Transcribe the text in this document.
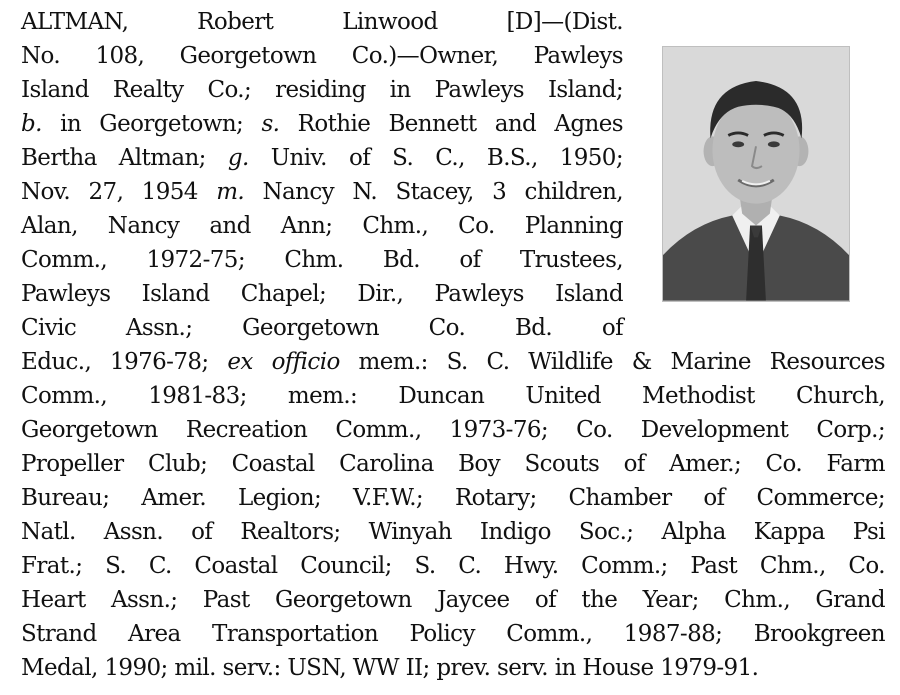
ALTMAN, Robert Linwood [D]—(Dist.
No. 108, Georgetown Co.)—Owner, Pawleys
Island Realty Co.; residing in Pawleys Island;
b. in Georgetown; s. Rothie Bennett and Agnes
Bertha Altman; g. Univ. of S. C., B.S., 1950;
Nov. 27, 1954 m. Nancy N. Stacey, 3 children,
Alan, Nancy and Ann; Chm., Co. Planning
Comm., 1972-75; Chm. Bd. of Trustees,
Pawleys Island Chapel; Dir., Pawleys Island
Civic Assn.; Georgetown Co. Bd. of
Educ., 1976-78; ex officio mem.: S. C. Wildlife & Marine Resources
Comm., 1981-83; mem.: Duncan United Methodist Church,
Georgetown Recreation Comm., 1973-76; Co. Development Corp.;
Propeller Club; Coastal Carolina Boy Scouts of Amer.; Co. Farm
Bureau; Amer. Legion; V.F.W.; Rotary; Chamber of Commerce;
Natl. Assn. of Realtors; Winyah Indigo Soc.; Alpha Kappa Psi
Frat.; S. C. Coastal Council; S. C. Hwy. Comm.; Past Chm., Co.
Heart Assn.; Past Georgetown Jaycee of the Year; Chm., Grand
Strand Area Transportation Policy Comm., 1987-88; Brookgreen
Medal, 1990; mil. serv.: USN, WW II; prev. serv. in House 1979-91.
